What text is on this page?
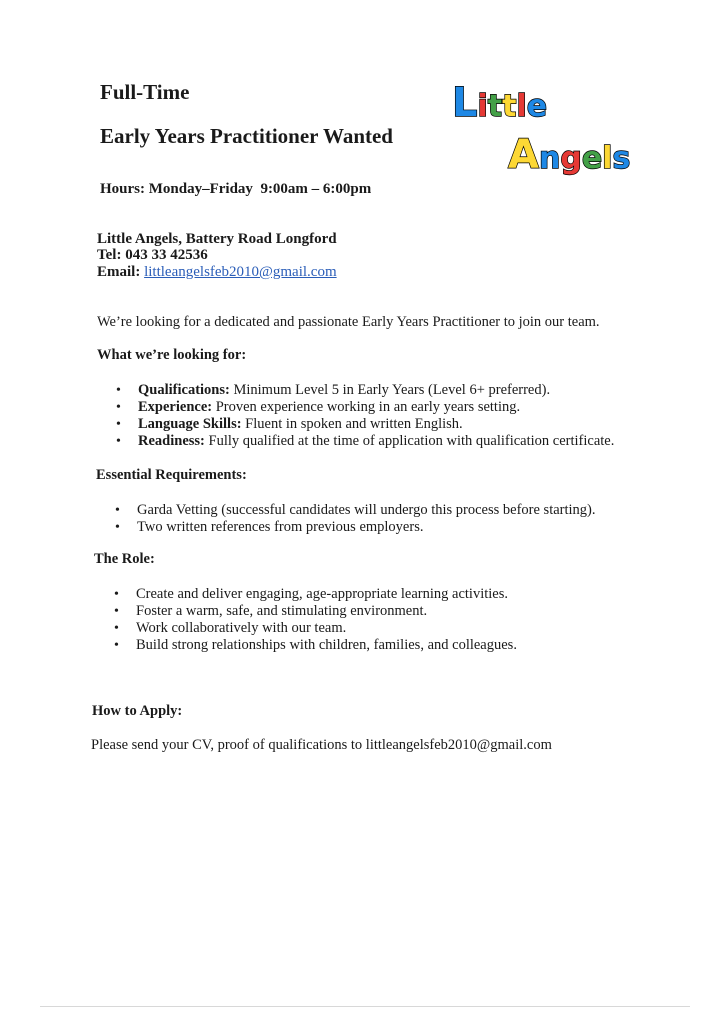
Full-Time
Early Years Practitioner Wanted
Little
Angels
Hours: Monday–Friday 9:00am – 6:00pm
Little Angels, Battery Road Longford
Tel: 043 33 42536
Email: littleangelsfeb2010@gmail.com
We’re looking for a dedicated and passionate Early Years Practitioner to join our team.
What we’re looking for:
• Qualifications: Minimum Level 5 in Early Years (Level 6+ preferred).
• Experience: Proven experience working in an early years setting.
• Language Skills: Fluent in spoken and written English.
• Readiness: Fully qualified at the time of application with qualification certificate.
Essential Requirements:
• Garda Vetting (successful candidates will undergo this process before starting).
• Two written references from previous employers.
The Role:
• Create and deliver engaging, age-appropriate learning activities.
• Foster a warm, safe, and stimulating environment.
• Work collaboratively with our team.
• Build strong relationships with children, families, and colleagues.
How to Apply:
Please send your CV, proof of qualifications to littleangelsfeb2010@gmail.com
